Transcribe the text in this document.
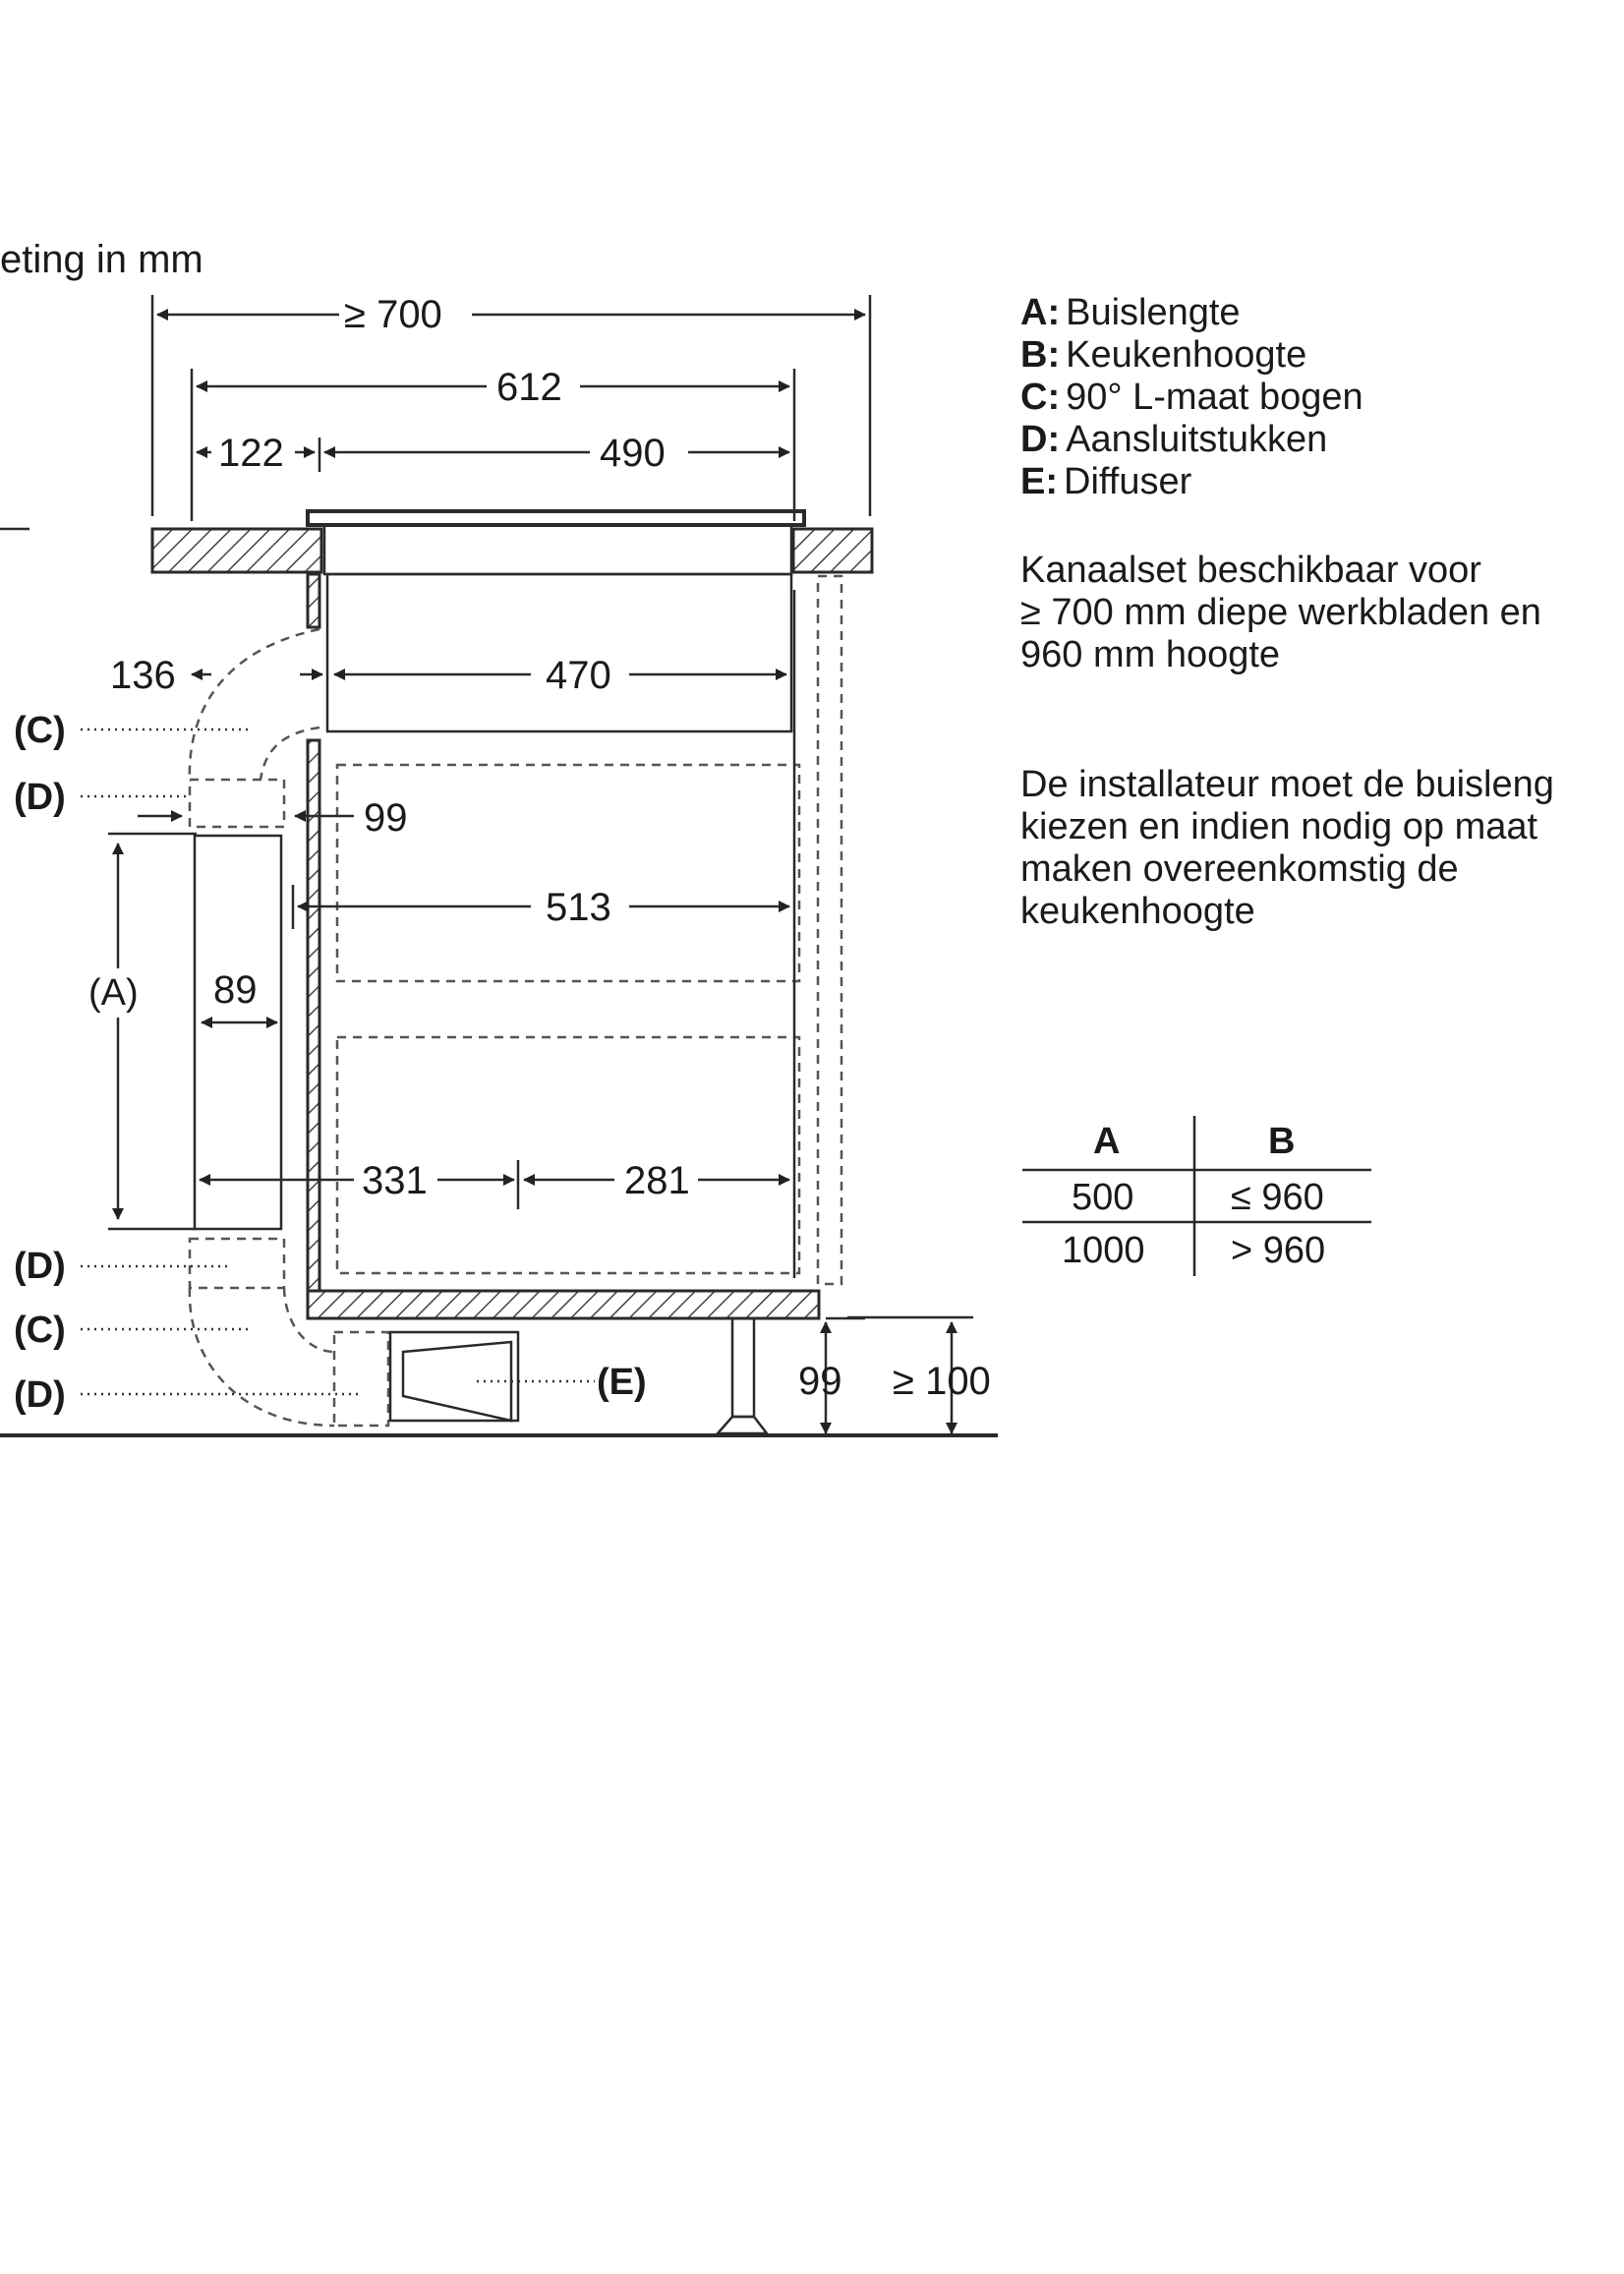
eting in mm
≥ 700
612
122	490
136	470
99
513
(A) 89
331	281
99 ≥ 100
(C)
(D)
(D)
(C)
(D)	(E)
A: Buislengte
B: Keukenhoogte
C: 90° L-maat bogen
D: Aansluitstukken
E: Diffuser
Kanaalset beschikbaar voor
≥ 700 mm diepe werkbladen en
960 mm hoogte
De installateur moet de buisleng
kiezen en indien nodig op maat
maken overeenkomstig de
keukenhoogte
A	B
500	≤ 960
1000 > 960
